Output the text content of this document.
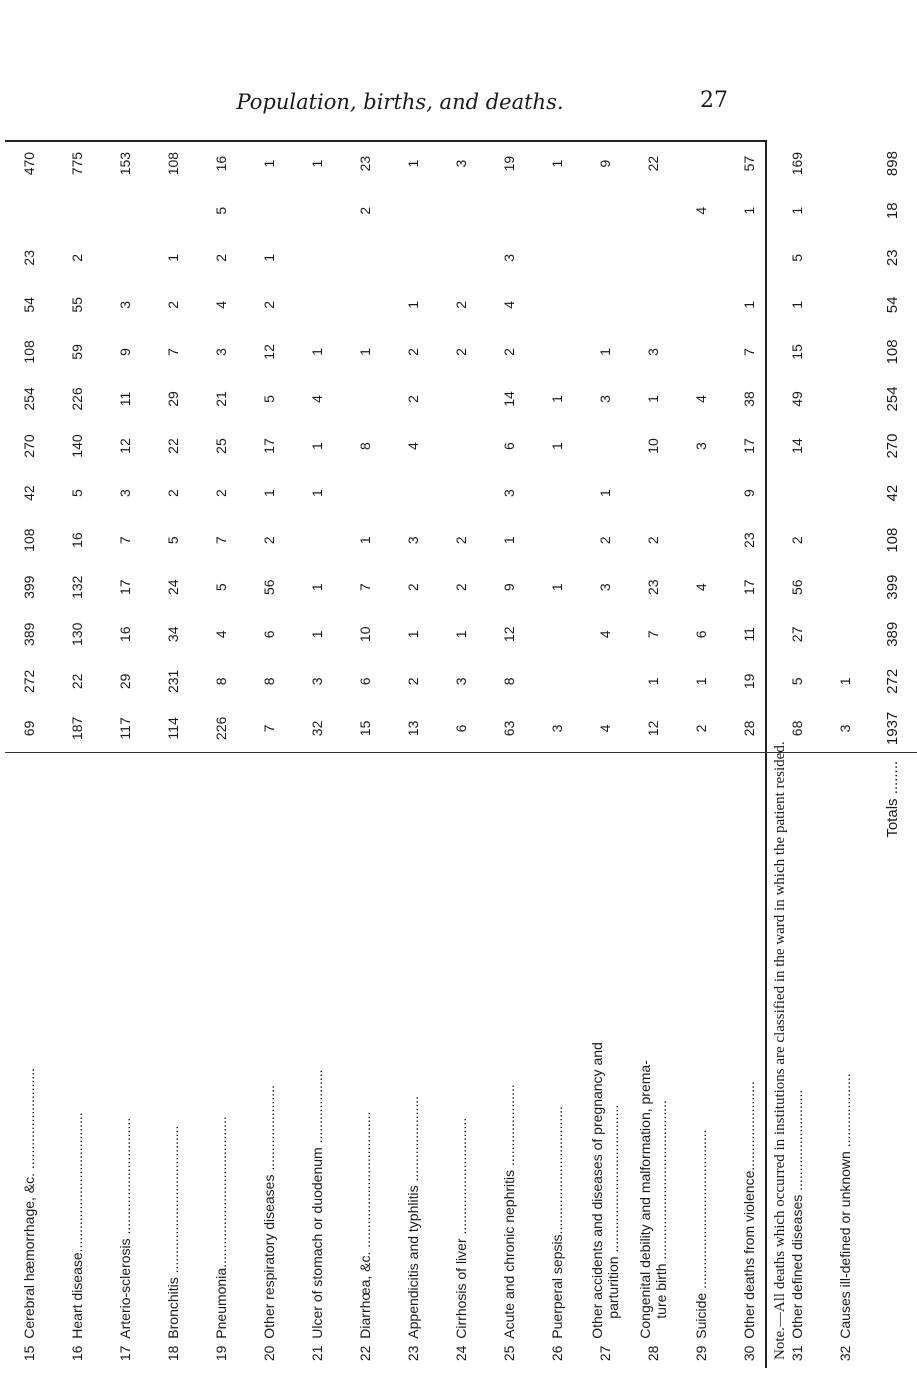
Population, births, and deaths.	27
15	Cerebral hæmorrhage, &c. ..........................	69	272	389	399	108	42	270	254	108	54	23		470
16	Heart disease....................................	187	22	130	132	16	5	140	226	59	55	2		775
17	Arterio-sclerosis ..............................	117	29	16	17	7	3	12	11	9	3			153
18	Bronchitis ......................................	114	231	34	24	5	2	22	29	7	2	1		108
19	Pneumonia.......................................	226	8	4	5	7	2	25	21	3	4	2	5	16
20	Other respiratory diseases ......................	7	8	6	56	2	1	17	5	12	2	1		1
21	Ulcer of stomach or duodenum ...................	32	3	1	1		1	1	4	1				1
22	Diarrhœa, &c. ...................................	15	6	10	7	1		8		1			2	23
23	Appendicitis and typhlitis ......................	13	2	1	2	3		4	2	2	1			1
24	Cirrhosis of liver ..............................	6	3	1	2	2				2	2			3
25	Acute and chronic nephritis .....................	63	8	12	9	1	3	6	14	2	4	3		19
26	Puerperal sepsis.................................	3			1			1	1					1
27	Other accidents and diseases of pregnancy and
parturition ......................................	4		4	3	2	1		3	1				9
28	Congenital debility and malformation, prema-
ture birth .........................................	12	1	7	23	2		10	1	3				22
29	Suicide .........................................	2	1	6	4			3	4				4	
30	Other deaths from violence.......................	28	19	11	17	23	9	17	38	7	1		1	57
31	Other defined diseases ..........................	68	5	27	56	2		14	49	15	1	5	1	169
32	Causes ill-defined or unknown ...................	3	1											
	Totals ........	1937	272	389	399	108	42	270	254	108	54	23	18	898
Note.—All deaths which occurred in institutions are classified in the ward in which the patient resided.
